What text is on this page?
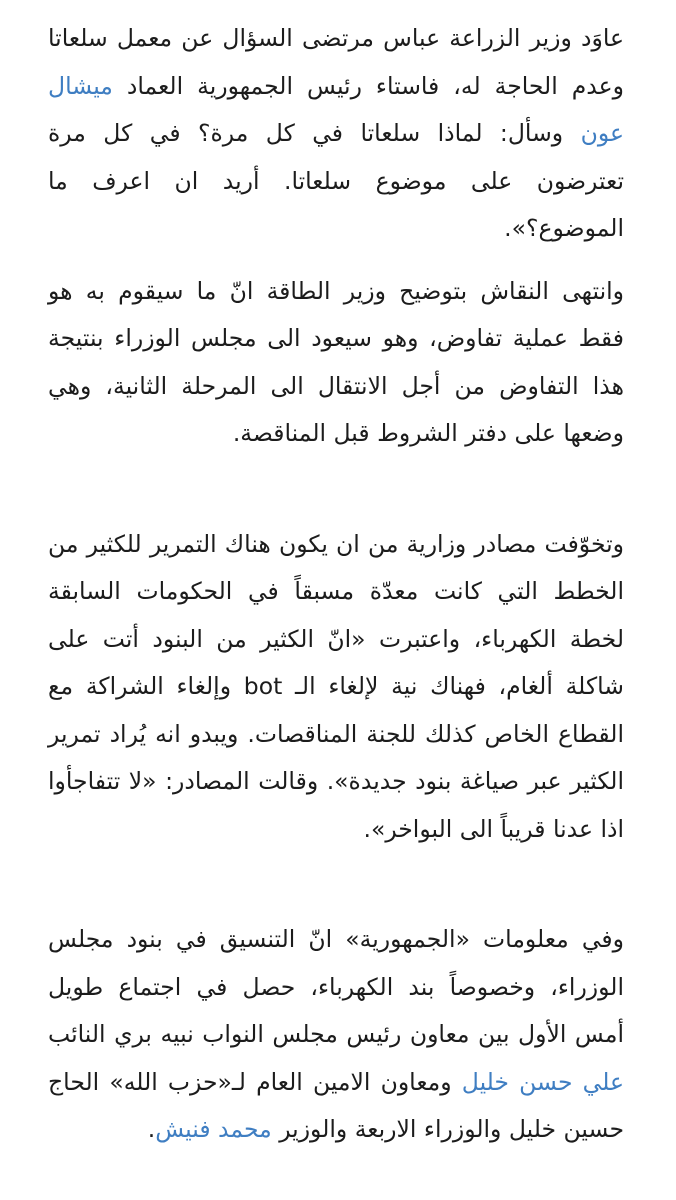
عاوَد وزير الزراعة عباس مرتضى السؤال عن معمل سلعاتا وعدم الحاجة له، فاستاء رئيس الجمهورية العماد ميشال عون وسأل: لماذا سلعاتا في كل مرة؟ في كل مرة تعترضون على موضوع سلعاتا. أريد ان اعرف ما الموضوع؟».

وانتهى النقاش بتوضيح وزير الطاقة انّ ما سيقوم به هو فقط عملية تفاوض، وهو سيعود الى مجلس الوزراء بنتيجة هذا التفاوض من أجل الانتقال الى المرحلة الثانية، وهي وضعها على دفتر الشروط قبل المناقصة.

وتخوّفت مصادر وزارية من ان يكون هناك التمرير للكثير من الخطط التي كانت معدّة مسبقاً في الحكومات السابقة لخطة الكهرباء، واعتبرت «انّ الكثير من البنود أتت على شاكلة ألغام، فهناك نية لإلغاء الـ bot وإلغاء الشراكة مع القطاع الخاص كذلك للجنة المناقصات. ويبدو انه يُراد تمرير الكثير عبر صياغة بنود جديدة». وقالت المصادر: «لا تتفاجأوا اذا عدنا قريباً الى البواخر».

وفي معلومات «الجمهورية» انّ التنسيق في بنود مجلس الوزراء، وخصوصاً بند الكهرباء، حصل في اجتماع طويل أمس الأول بين معاون رئيس مجلس النواب نبيه بري النائب علي حسن خليل ومعاون الامين العام لـ«حزب الله» الحاج حسين خليل والوزراء الاربعة والوزير محمد فنيش.
